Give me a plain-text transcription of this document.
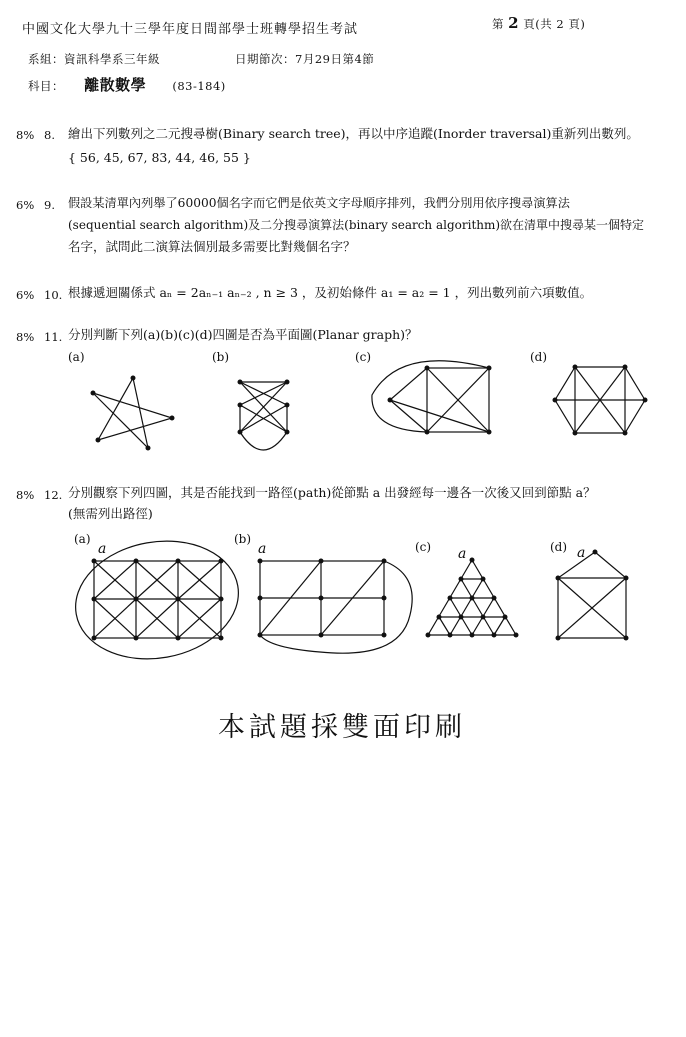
中國文化大學九十三學年度日間部學士班轉學招生考試	第 2 頁(共 2 頁)
系組：資訊科學系三年級	日期節次：7月29日第4節
科目： 離散數學 (83-184)
8% 8. 繪出下列數列之二元搜尋樹(Binary search tree)，再以中序追蹤(Inorder traversal)重新列出數列。
{ 56, 45, 67, 83, 44, 46, 55 }
6% 9. 假設某清單內列舉了60000個名字而它們是依英文字母順序排列，我們分別用依序搜尋演算法
(sequential search algorithm)及二分搜尋演算法(binary search algorithm)欲在清單中搜尋某一個特定
名字，試問此二演算法個別最多需要比對幾個名字？
6% 10. 根據遞迴關係式 aₙ = 2aₙ₋₁ aₙ₋₂ , n ≥ 3 ，及初始條件 a₁ = a₂ = 1 ，列出數列前六項數值。
8% 11. 分別判斷下列(a)(b)(c)(d)四圖是否為平面圖(Planar graph)？
(a)	(b)	(c)	(d)
8% 12. 分別觀察下列四圖，其是否能找到一路徑(path)從節點 a 出發經每一邊各一次後又回到節點 a？
(無需列出路徑)
(a)	(b)
(c)	(d)
a	a	a	a
本試題採雙面印刷
